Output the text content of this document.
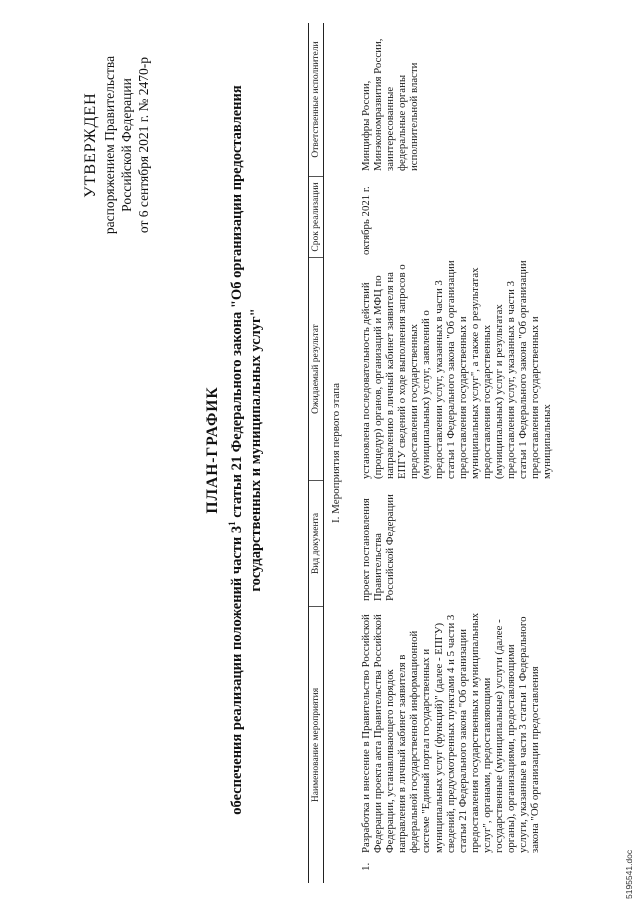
УТВЕРЖДЕН распоряжением Правительства Российской Федерации от 6 сентября 2021 г. № 2470-р
ПЛАН-ГРАФИК
обеспечения реализации положений части $3^1$ статьи 21 Федерального закона "Об организации предоставления государственных и муниципальных услуг"
Наименование мероприятия
Вид документа
Ожидаемый результат
Срок реализации
Ответственные исполнители
I. Мероприятия первого этапа
1.
Разработка и внесение в Правительство Российской Федерации проекта акта Правительства Российской Федерации, устанавливающего порядок направления в личный кабинет заявителя в федеральной государственной информационной системе "Единый портал государственных и муниципальных услуг (функций)" (далее - ЕПГУ) сведений, предусмотренных пунктами 4 и 5 части 3 статьи 21 Федерального закона "Об организации предоставления государственных и муниципальных услуг", органами, предоставляющими государственные (муниципальные) услуги (далее - органы), организациями, предоставляющими услуги, указанные в части 3 статьи 1 Федерального закона "Об организации предоставления
проект постановления Правительства Российской Федерации
установлена последовательность действий (процедур) органов, организаций и МФЦ по направлению в личный кабинет заявителя на ЕПГУ сведений о ходе выполнения запросов о предоставлении государственных (муниципальных) услуг, заявлений о предоставлении услуг, указанных в части 3 статьи 1 Федерального закона "Об организации предоставления государственных и муниципальных услуг", а также о результатах предоставления государственных (муниципальных) услуг и результатах предоставления услуг, указанных в части 3 статьи 1 Федерального закона "Об организации предоставления государственных и муниципальных
октябрь 2021 г.
Минцифры России, Минэкономразвития России, заинтересованные федеральные органы исполнительной власти
5195541.doc
